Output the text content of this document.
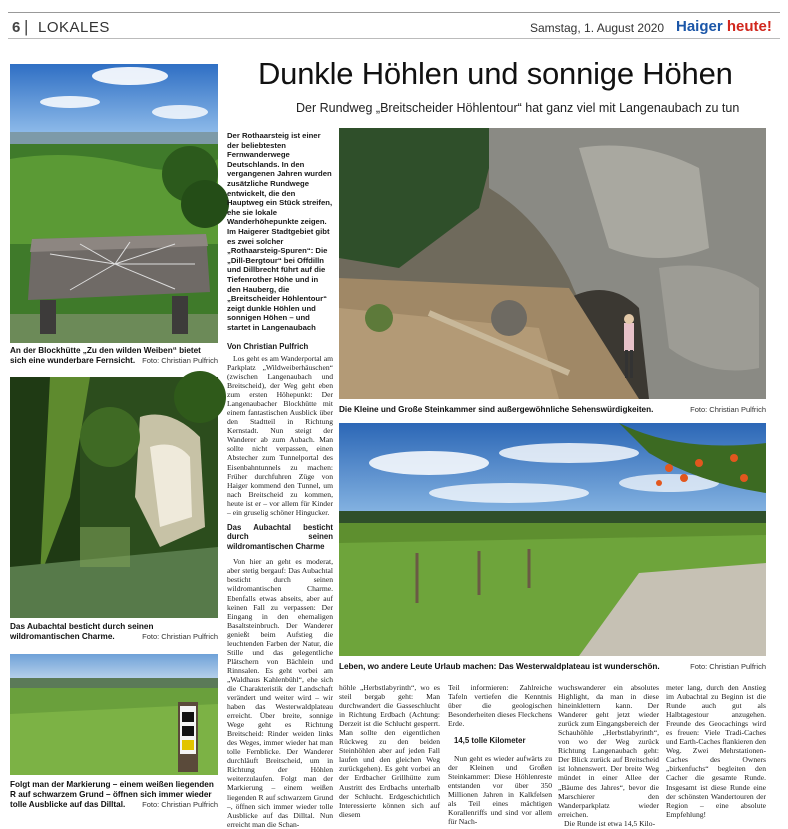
6 | LOKALES	Samstag, 1. August 2020 Haiger heute!
Dunkle Höhlen und sonnige Höhen
Der Rundweg „Breitscheider Höhlentour“ hat ganz viel mit Langenaubach zu tun
An der Blockhütte „Zu den wilden Weiben“ bietet sich eine wunderbare Fernsicht. Foto: Christian Pulfrich
Das Aubachtal besticht durch seinen wildromantischen Charme.	Foto: Christian Pulfrich
Folgt man der Markierung – einem weißen liegenden R auf schwarzem Grund – öffnen sich immer wieder tolle Ausblicke auf das Dilltal. Foto: Christian Pulfrich
Der Rothaarsteig ist einer der beliebtesten Fernwanderwege Deutschlands. In den vergangenen Jahren wurden zusätzliche Rundwege entwickelt, die den Hauptweg ein Stück streifen, ehe sie lokale Wanderhöhepunkte zeigen. Im Haigerer Stadtgebiet gibt es zwei solcher „Rothaarsteig-Spuren“: Die „Dill-Bergtour“ bei Offdilln und Dillbrecht führt auf die Tiefenrother Höhe und in den Hauberg, die „Breitscheider Höhlentour“ zeigt dunkle Höhlen und sonnigen Höhen – und startet in Langenaubach
Von Christian Pulfrich

Los geht es am Wanderportal am Parkplatz „Wildweiberhäuschen“ (zwischen Langenaubach und Breitscheid), der Weg geht eben zum ersten Höhepunkt: Der Langenaubacher Blockhütte mit einem fantastischen Ausblick über den Stadtteil in Richtung Kernstadt. Nun steigt der Wanderer ab zum Aubach. Man sollte nicht verpassen, einen Abstecher zum Tunnelportal des Eisenbahntunnels zu machen: Früher durchfuhren Züge von Haiger kommend den Tunnel, um nach Breitscheid zu kommen, heute ist er – vor allem für Kinder – ein gruselig schöner Hingucker.

Das Aubachtal besticht durch seinen wildromantischen Charme

Von hier an geht es moderat, aber stetig bergauf: Das Aubachtal besticht durch seinen wildromantischen Charme. Ebenfalls etwas abseits, aber auf keinen Fall zu verpassen: Der Eingang in den ehemaligen Basaltsteinbruch. Der Wanderer genießt beim Aufstieg die leuchtenden Farben der Natur, die Stille und das gelegentliche Plätschern von Bächlein und Rinnsalen. Es geht vorbei am „Waldhaus Kahlenbühl“, ehe sich die Charakteristik der Landschaft verändert und weiter wird – wir haben das Westerwaldplateau erreicht. Über breite, sonnige Wege geht es Richtung Breitscheid: Rinder weiden links des Weges, immer wieder hat man tolle Fernblicke. Der Wanderer durchläuft Breitscheid, um in Richtung der Höhlen weiterzulaufen. Folgt man der Markierung – einem weißen liegenden R auf schwarzem Grund –, öffnen sich immer wieder tolle Ausblicke auf das Dilltal. Nun erreicht man die Schan-

Die Kleine und Große Steinkammer sind außergewöhnliche Sehenswürdigkeiten.	Foto: Christian Pulfrich
Leben, wo andere Leute Urlaub machen: Das Westerwaldplateau ist wunderschön.	Foto: Christian Pulfrich

höhle „Herbstlabyrinth“, wo es steil bergab geht: Man durchwandert die Gasseschlucht in Richtung Erdbach (Achtung: Derzeit ist die Schlucht gesperrt. Man sollte den eigentlichen Rückweg zu den beiden Steinhöhlen aber auf jeden Fall laufen und den gleichen Weg zurückgehen). Es geht vorbei an der Erdbacher Grillhütte zum Austritt des Erdbachs unterhalb der Schlucht. Erdgeschichtlich Interessierte können sich auf diesem

Teil informieren: Zahlreiche Tafeln vertiefen die Kenntnis über die geologischen Besonderheiten dieses Fleckchens Erde.

14,5 tolle Kilometer

Nun geht es wieder aufwärts zu der Kleinen und Großen Steinkammer: Diese Höhlenreste entstanden vor über 350 Millionen Jahren in Kalkfelsen als Teil eines mächtigen Korallenriffs und sind vor allem für Nach-

wuchswanderer ein absolutes Highlight, da man in diese hineinklettern kann. Der Wanderer geht jetzt wieder zurück zum Eingangsbereich der Schauhöhle „Herbstlabyrinth“, von wo der Weg zurück Richtung Langenaubach geht: Der Blick zurück auf Breitscheid ist lohnenswert. Der breite Weg mündet in einer Allee der „Bäume des Jahres“, bevor die Marschierer den Wanderparkplatz wieder erreichen.

Die Runde ist etwa 14,5 Kilo-

meter lang, durch den Anstieg im Aubachtal zu Beginn ist die Runde auch gut als Halbtagestour anzugehen. Freunde des Geocachings wird es freuen: Viele Tradi-Caches und Earth-Caches flankieren den Weg. Zwei Mehrstationen-Caches des Owners „birkenfuchs“ begleiten den Cacher die gesamte Runde. Insgesamt ist diese Runde eine der schönsten Wandertouren der Region – eine absolute Empfehlung!
